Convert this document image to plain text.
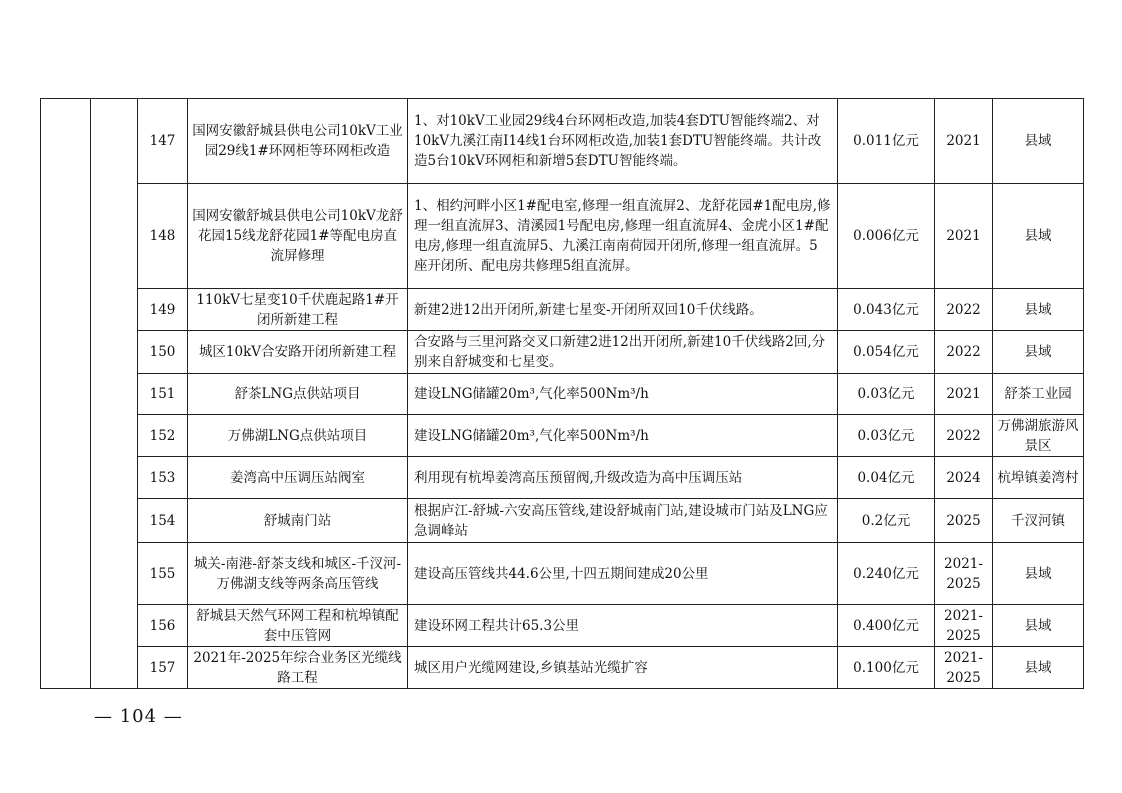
		147	国网安徽舒城县供电公司10kV工业园29线1#环网柜等环网柜改造	1、对10kV工业园29线4台环网柜改造,加装4套DTU智能终端2、对10kV九溪江南Ⅰ14线1台环网柜改造,加装1套DTU智能终端。共计改造5台10kV环网柜和新增5套DTU智能终端。	0.011亿元	2021	县域
		148	国网安徽舒城县供电公司10kV龙舒花园15线龙舒花园1#等配电房直流屏修理	1、相约河畔小区1#配电室,修理一组直流屏2、龙舒花园#1配电房,修理一组直流屏3、清溪园1号配电房,修理一组直流屏4、金虎小区1#配电房,修理一组直流屏5、九溪江南南荷园开闭所,修理一组直流屏。5座开闭所、配电房共修理5组直流屏。	0.006亿元	2021	县域
		149	110kV七星变10千伏鹿起路1#开闭所新建工程	新建2进12出开闭所,新建七星变-开闭所双回10千伏线路。	0.043亿元	2022	县域
		150	城区10kV合安路开闭所新建工程	合安路与三里河路交叉口新建2进12出开闭所,新建10千伏线路2回,分别来自舒城变和七星变。	0.054亿元	2022	县域
		151	舒茶LNG点供站项目	建设LNG储罐20m³,气化率500Nm³/h	0.03亿元	2021	舒茶工业园
		152	万佛湖LNG点供站项目	建设LNG储罐20m³,气化率500Nm³/h	0.03亿元	2022	万佛湖旅游风景区
		153	姜湾高中压调压站阀室	利用现有杭埠姜湾高压预留阀,升级改造为高中压调压站	0.04亿元	2024	杭埠镇姜湾村
		154	舒城南门站	根据庐江-舒城-六安高压管线,建设舒城南门站,建设城市门站及LNG应急调峰站	0.2亿元	2025	千汊河镇
		155	城关-南港-舒茶支线和城区-千汊河-万佛湖支线等两条高压管线	建设高压管线共44.6公里,十四五期间建成20公里	0.240亿元	2021-2025	县域
		156	舒城县天然气环网工程和杭埠镇配套中压管网	建设环网工程共计65.3公里	0.400亿元	2021-2025	县域
		157	2021年-2025年综合业务区光缆线路工程	城区用户光缆网建设,乡镇基站光缆扩容	0.100亿元	2021-2025	县域
— 104 —
